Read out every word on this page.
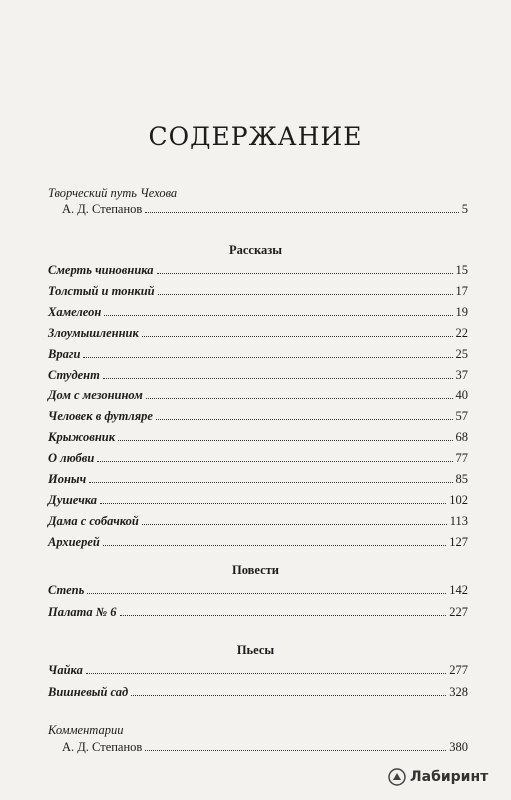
СОДЕРЖАНИЕ
Творческий путь Чехова
А. Д. Степанов	5
Рассказы
Смерть чиновника	15
Толстый и тонкий	17
Хамелеон	19
Злоумышленник	22
Враги	25
Студент	37
Дом с мезонином	40
Человек в футляре	57
Крыжовник	68
О любви	77
Ионыч	85
Душечка	102
Дама с собачкой	113
Архиерей	127
Повести
Степь	142
Палата № 6	227
Пьесы
Чайка	277
Вишневый сад	328
Комментарии
А. Д. Степанов	380
Лабиринт
